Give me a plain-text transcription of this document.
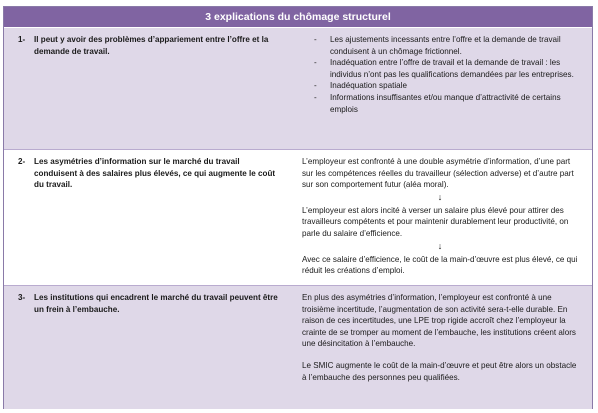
3 explications du chômage structurel
1-	Il peut y avoir des problèmes d’appariement entre l’offre et la demande de travail.
- Les ajustements incessants entre l’offre et la demande de travail conduisent à un chômage frictionnel.
- Inadéquation entre l’offre de travail et la demande de travail : les individus n’ont pas les qualifications demandées par les entreprises.
- Inadéquation spatiale
- Informations insuffisantes et/ou manque d’attractivité de certains emplois
2-	Les asymétries d’information sur le marché du travail conduisent à des salaires plus élevés, ce qui augmente le coût du travail.

L’employeur est confronté à une double asymétrie d’information, d’une part sur les compétences réelles du travailleur (sélection adverse) et d’autre part sur son comportement futur (aléa moral).

↓

L’employeur est alors incité à verser un salaire plus élevé pour attirer des travailleurs compétents et pour maintenir durablement leur productivité, on parle du salaire d’efficience.

↓

Avec ce salaire d’efficience, le coût de la main-d’œuvre est plus élevé, ce qui réduit les créations d’emploi.

3-	Les institutions qui encadrent le marché du travail peuvent être un frein à l’embauche.

En plus des asymétries d’information, l’employeur est confronté à une troisième incertitude, l’augmentation de son activité sera-t-elle durable. En raison de ces incertitudes, une LPE trop rigide accroît chez l’employeur la crainte de se tromper au moment de l’embauche, les institutions créent alors une désincitation à l’embauche.

Le SMIC augmente le coût de la main-d’œuvre et peut être alors un obstacle à l’embauche des personnes peu qualifiées.
